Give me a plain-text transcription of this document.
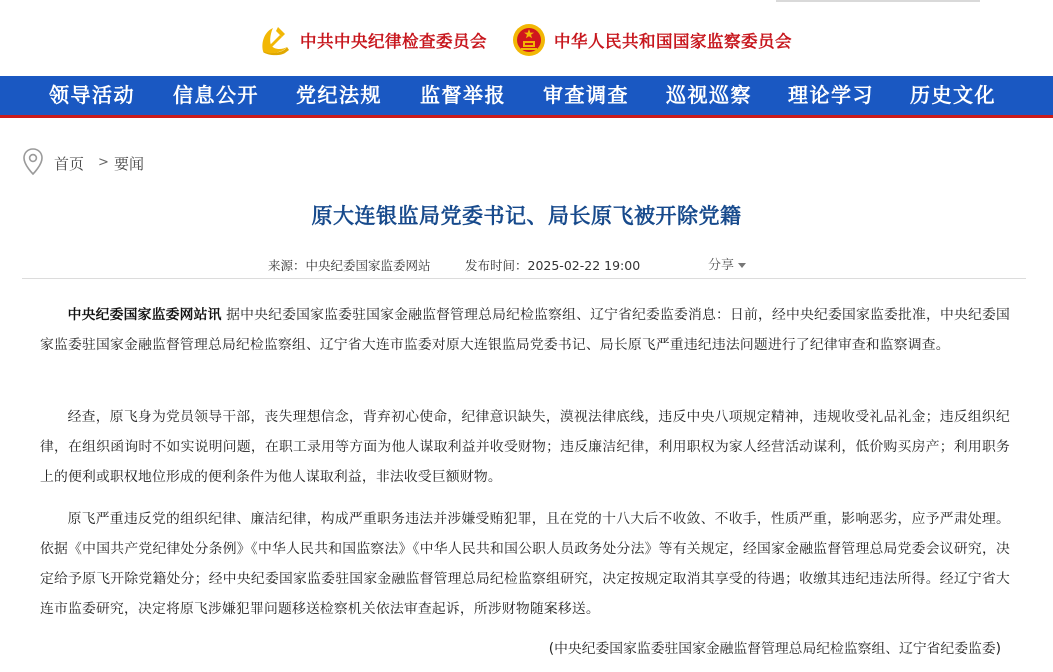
中共中央纪律检查委员会	中华人民共和国国家监察委员会
领导活动 信息公开 党纪法规 监督举报 审查调查 巡视巡察 理论学习 历史文化
首页 > 要闻
原大连银监局党委书记、局长原飞被开除党籍
来源：中央纪委国家监委网站	发布时间：2025-02-22 19:00	分享

中央纪委国家监委网站讯 据中央纪委国家监委驻国家金融监督管理总局纪检监察组、辽宁省纪委监委消息：日前，经中央纪委国家监委批准，中央纪委国家监委驻国家金融监督管理总局纪检监察组、辽宁省大连市监委对原大连银监局党委书记、局长原飞严重违纪违法问题进行了纪律审查和监察调查。

经查，原飞身为党员领导干部，丧失理想信念，背弃初心使命，纪律意识缺失，漠视法律底线，违反中央八项规定精神，违规收受礼品礼金；违反组织纪律，在组织函询时不如实说明问题，在职工录用等方面为他人谋取利益并收受财物；违反廉洁纪律，利用职权为家人经营活动谋利，低价购买房产；利用职务上的便利或职权地位形成的便利条件为他人谋取利益，非法收受巨额财物。

原飞严重违反党的组织纪律、廉洁纪律，构成严重职务违法并涉嫌受贿犯罪，且在党的十八大后不收敛、不收手，性质严重，影响恶劣，应予严肃处理。依据《中国共产党纪律处分条例》《中华人民共和国监察法》《中华人民共和国公职人员政务处分法》等有关规定，经国家金融监督管理总局党委会议研究，决定给予原飞开除党籍处分；经中央纪委国家监委驻国家金融监督管理总局纪检监察组研究，决定按规定取消其享受的待遇；收缴其违纪违法所得。经辽宁省大连市监委研究，决定将原飞涉嫌犯罪问题移送检察机关依法审查起诉，所涉财物随案移送。

(中央纪委国家监委驻国家金融监督管理总局纪检监察组、辽宁省纪委监委)
